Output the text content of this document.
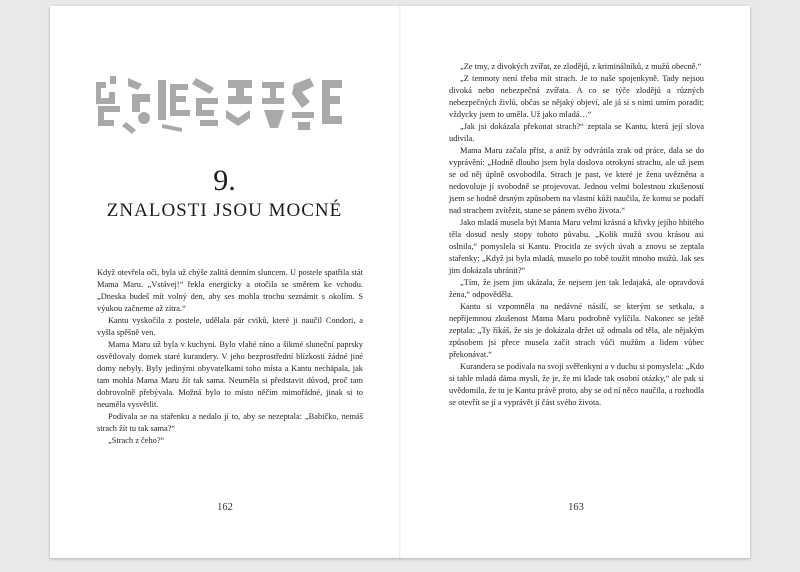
9.
ZNALOSTI JSOU MOCNÉ

Když otevřela oči, byla už chýše zalitá denním sluncem. U postele spatřila stát Mama Maru. „Vstávej!“ řekla energicky a otočila se směrem ke vchodu. „Dneska budeš mít volný den, aby ses mohla trochu seznámit s okolím. S výukou začneme až zítra.“

Kantu vyskočila z postele, udělala pár cviků, které ji naučil Condori, a vyšla spěšně ven.

Mama Maru už byla v kuchyni. Bylo vlahé ráno a šikmé sluneční paprsky osvětlovaly domek staré kurandery. V jeho bezprostřední blízkosti žádné jiné domy nebyly. Byly jedinými obyvatelkami toho místa a Kantu nechápala, jak tam mohla Mama Maru žít tak sama. Neuměla si představit důvod, proč tam dobrovolně přebývala. Možná bylo to místo něčím mimořádné, jinak si to neuměla vysvětlit.

Podívala se na stařenku a nedalo jí to, aby se nezeptala: „Babičko, nemáš strach žít tu tak sama?“

„Strach z čeho?“

162

„Ze tmy, z divokých zvířat, ze zlodějů, z kriminálníků, z mužů obecně.“

„Z temnoty není třeba mít strach. Je to naše spojenkyně. Tady nejsou divoká nebo nebezpečná zvířata. A co se týče zlodějů a různých nebezpečných živlů, občas se nějaký objeví, ale já si s nimi umím poradit; vždycky jsem to uměla. Už jako mladá…“

„Jak jsi dokázala překonat strach?“ zeptala se Kantu, která její slova udivila.

Mama Maru začala přist, a aniž by odvrátila zrak od práce, dala se do vyprávění: „Hodně dlouho jsem byla doslova otrokyní strachu, ale už jsem se od něj úplně osvobodila. Strach je past, ve které je žena uvězněna a nedovoluje jí svobodně se projevovat. Jednou velmi bolestnou zkušeností jsem se hodně drsným způsobem na vlastní kůži naučila, že komu se podaří nad strachem zvítězit, stane se pánem svého života.“

Jako mladá musela být Mama Maru velmi krásná a křivky jejího hbitého těla dosud nesly stopy tohoto půvabu. „Kolik mužů svou krásou asi oslnila,“ pomyslela si Kantu. Procitla ze svých úvah a znovu se zeptala stařenky: „Když jsi byla mladá, muselo po tobě toužit mnoho mužů. Jak ses jim dokázala ubránit?“

„Tím, že jsem jim ukázala, že nejsem jen tak ledajaká, ale opravdová žena,“ odpověděla.

Kantu si vzpomněla na nedávné násilí, se kterým se setkala, a nepříjemnou zkušenost Mama Maru podrobně vylíčila. Nakonec se ještě zeptala: „Ty říkáš, že sis je dokázala držet už odmala od těla, ale nějakým způsobem jsi přece musela začít strach vůči mužům a lidem vůbec překonávat.“

Kurandera se podívala na svoji svěřenkyni a v duchu si pomyslela: „Kdo si tahle mladá dáma myslí, že je, že mi klade tak osobní otázky,“ ale pak si uvědomila, že tu je Kantu právě proto, aby se od ní něco naučila, a rozhodla se otevřít se jí a vyprávět jí část svého života.

163
